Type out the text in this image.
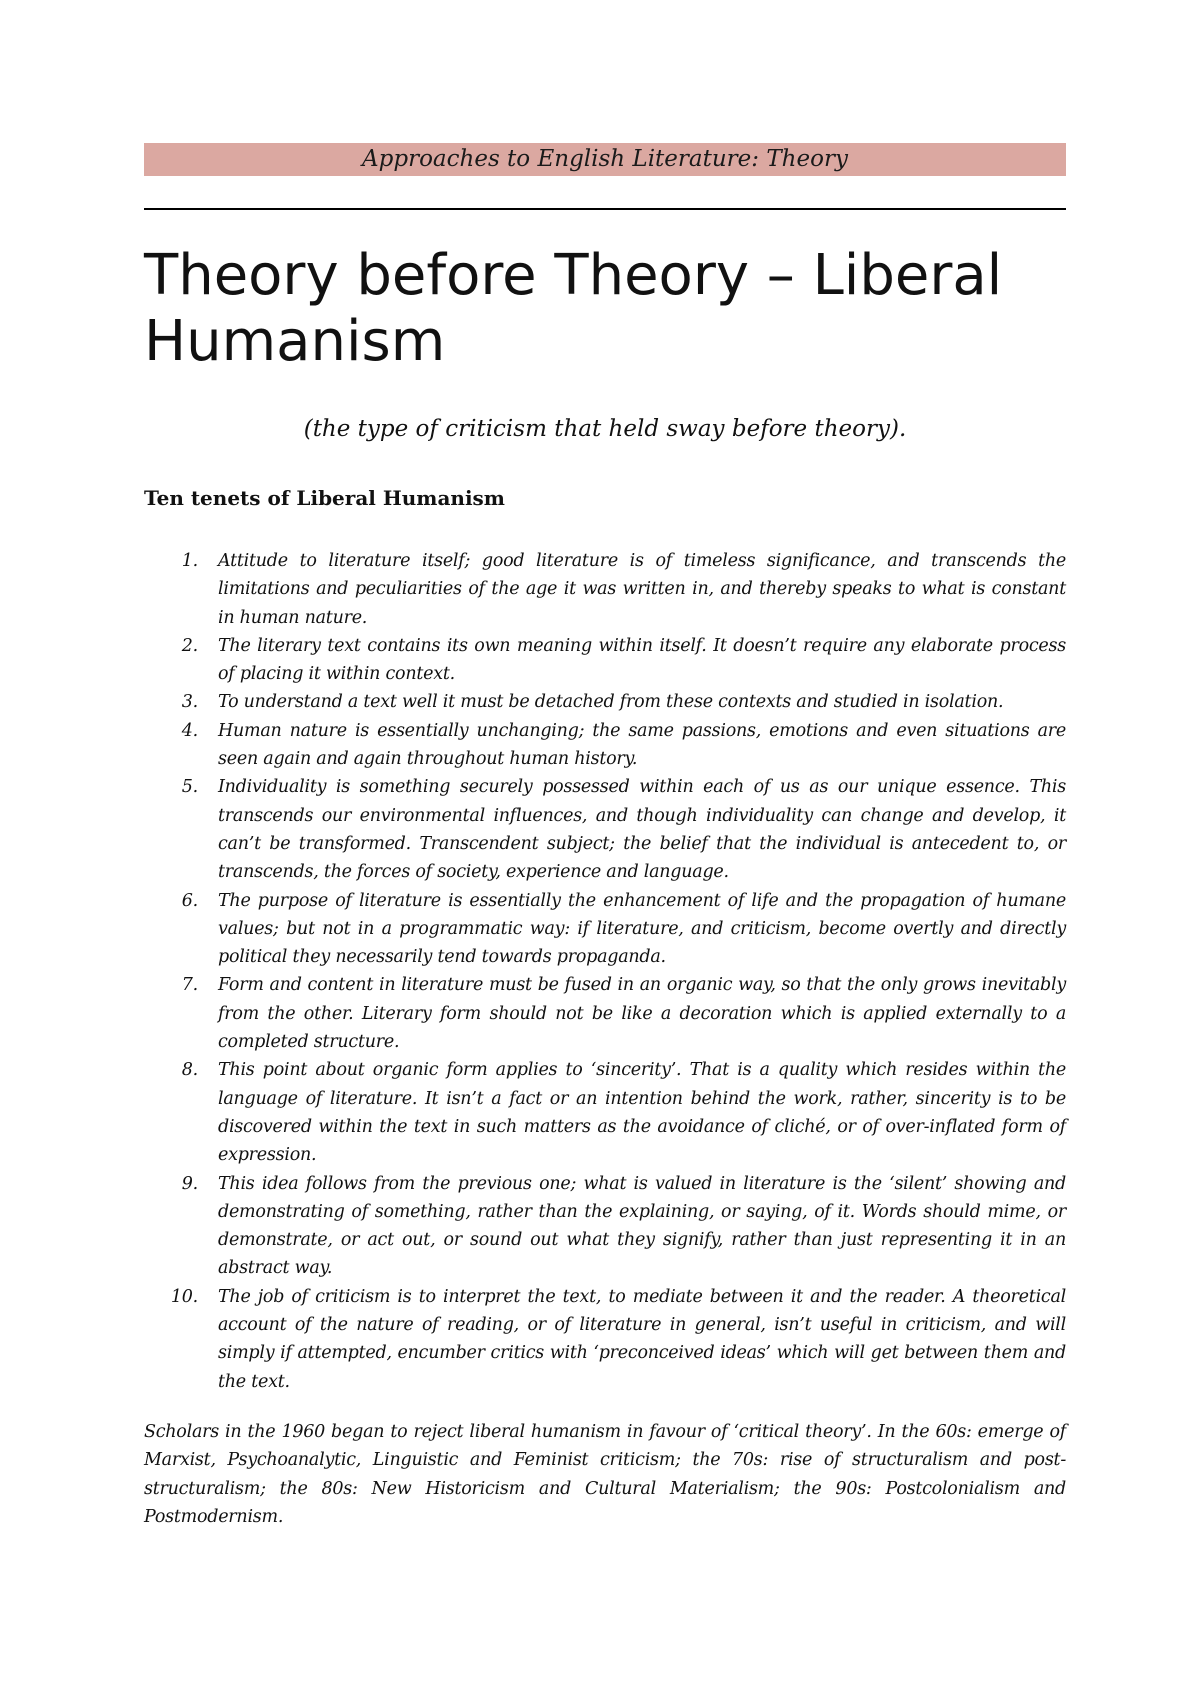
Approaches to English Literature: Theory
Theory before Theory – Liberal
Humanism
(the type of criticism that held sway before theory).
Ten tenets of Liberal Humanism
1. Attitude to literature itself; good literature is of timeless significance, and transcends the limitations and peculiarities of the age it was written in, and thereby speaks to what is constant in human nature.
2. The literary text contains its own meaning within itself. It doesn’t require any elaborate process of placing it within context.
3. To understand a text well it must be detached from these contexts and studied in isolation.
4. Human nature is essentially unchanging; the same passions, emotions and even situations are seen again and again throughout human history.
5. Individuality is something securely possessed within each of us as our unique essence. This transcends our environmental influences, and though individuality can change and develop, it can’t be transformed. Transcendent subject; the belief that the individual is antecedent to, or transcends, the forces of society, experience and language.
6. The purpose of literature is essentially the enhancement of life and the propagation of humane values; but not in a programmatic way: if literature, and criticism, become overtly and directly political they necessarily tend towards propaganda.
7. Form and content in literature must be fused in an organic way, so that the only grows inevitably from the other. Literary form should not be like a decoration which is applied externally to a completed structure.
8. This point about organic form applies to ‘sincerity’. That is a quality which resides within the language of literature. It isn’t a fact or an intention behind the work, rather, sincerity is to be discovered within the text in such matters as the avoidance of cliché, or of over-inflated form of expression.
9. This idea follows from the previous one; what is valued in literature is the ‘silent’ showing and demonstrating of something, rather than the explaining, or saying, of it. Words should mime, or demonstrate, or act out, or sound out what they signify, rather than just representing it in an abstract way.
10. The job of criticism is to interpret the text, to mediate between it and the reader. A theoretical account of the nature of reading, or of literature in general, isn’t useful in criticism, and will simply if attempted, encumber critics with ‘preconceived ideas’ which will get between them and the text.

Scholars in the 1960 began to reject liberal humanism in favour of ‘critical theory’. In the 60s: emerge of Marxist, Psychoanalytic, Linguistic and Feminist criticism; the 70s: rise of structuralism and post-structuralism; the 80s: New Historicism and Cultural Materialism; the 90s: Postcolonialism and Postmodernism.
